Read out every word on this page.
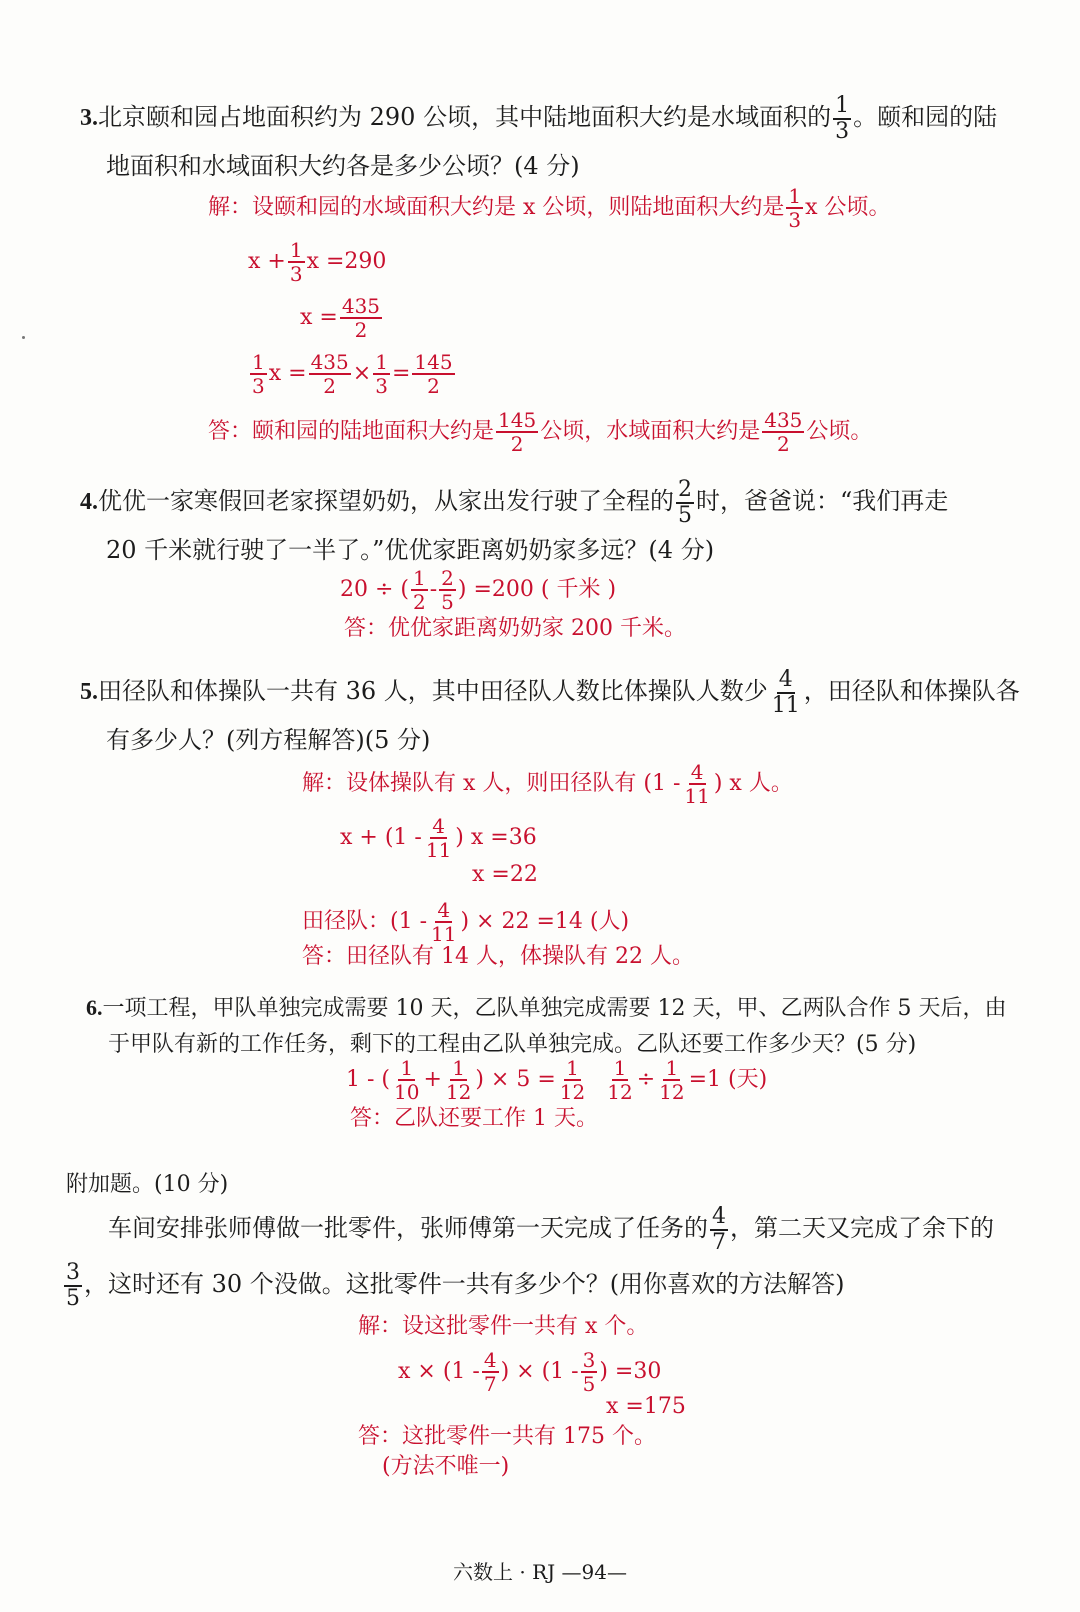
3.北京颐和园占地面积约为 290 公顷，其中陆地面积大约是水域面积的 $\frac{1}{3}$ 。颐和园的陆
地面积和水域面积大约各是多少公顷？(4 分)
解：设颐和园的水域面积大约是 x 公顷，则陆地面积大约是 $\frac{1}{3}$ x 公顷。
$x + \frac{1}{3}$ x =290
$x = \frac{435}{2}$
$\frac{1}{3}$ $x = \frac{435}{2} \times \frac{1}{3} = \frac{145}{2}$
答：颐和园的陆地面积大约是 $\frac{145}{2}$ 公顷，水域面积大约是 $\frac{435}{2}$ 公顷。
4.优优一家寒假回老家探望奶奶，从家出发行驶了全程的 $\frac{2}{5}$ 时，爸爸说：“我们再走
20 千米就行驶了一半了。”优优家距离奶奶家多远？(4 分)
20 ÷ ( $\frac{1}{2} - \frac{2}{5}$ ) =200 ( 千米 )
答：优优家距离奶奶家 200 千米。
5.田径队和体操队一共有 36 人，其中田径队人数比体操队人数少 $\frac{4}{11}$ ，田径队和体操队各
有多少人？(列方程解答)(5 分)
解：设体操队有 x 人，则田径队有 ($1 - \frac{4}{11}$ ) x 人。
$x + (1 - \frac{4}{11}$ ) x =36
x =22
田径队：($1 - \frac{4}{11}$ ) × 22 =14 (人)
答：田径队有 14 人，体操队有 22 人。
6.一项工程，甲队单独完成需要 10 天，乙队单独完成需要 12 天，甲、乙两队合作 5 天后，由
于甲队有新的工作任务，剩下的工程由乙队单独完成。乙队还要工作多少天？(5 分)
1 - ( $\frac{1}{10} + \frac{1}{12}$ ) × $5 = \frac{1}{12}$
$\frac{1}{12} \div \frac{1}{12} =1$ (天)
答：乙队还要工作 1 天。
附加题。(10 分)
车间安排张师傅做一批零件，张师傅第一天完成了任务的 $\frac{4}{7}$ ，第二天又完成了余下的
$\frac{3}{5}$ ，这时还有 30 个没做。这批零件一共有多少个？(用你喜欢的方法解答)
解：设这批零件一共有 x 个。
$x \times (1 - \frac{4}{7}$ ) × ($1 - \frac{3}{5}$ ) =30
x =175
答：这批零件一共有 175 个。
(方法不唯一)
六数上 · RJ —94—
